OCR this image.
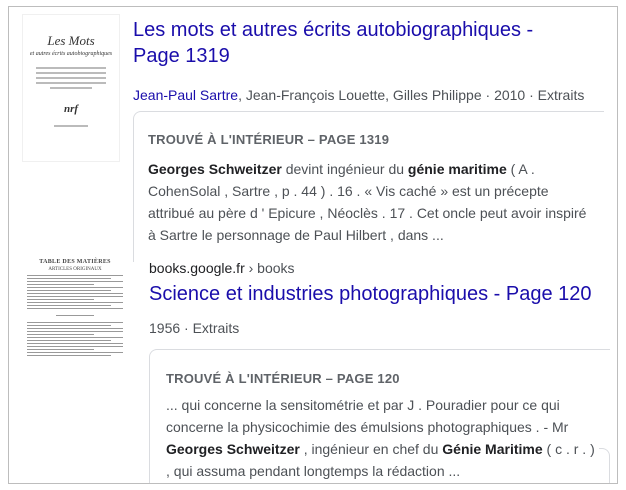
Les Mots
et autres écrits autobiographiques
nrf
Les mots et autres écrits autobiographiques -
Page 1319
Jean-Paul Sartre, Jean-François Louette, Gilles Philippe · 2010 · Extraits
TROUVÉ À L'INTÉRIEUR – PAGE 1319
Georges Schweitzer devint ingénieur du génie maritime ( A . CohenSolal , Sartre , p . 44 ) . 16 . « Vis caché » est un précepte attribué au père d ' Epicure , Néoclès . 17 . Cet oncle peut avoir inspiré à Sartre le personnage de Paul Hilbert , dans ...
TABLE DES MATIÈRES
ARTICLES ORIGINAUX	books.google.fr › books
Science et industries photographiques - Page 120
1956 · Extraits
TROUVÉ À L'INTÉRIEUR – PAGE 120
... qui concerne la sensitométrie et par J . Pouradier pour ce qui concerne la physicochimie des émulsions photographiques . - Mr Georges Schweitzer , ingénieur en chef du Génie Maritime ( c . r . ) , qui assuma pendant longtemps la rédaction ...
